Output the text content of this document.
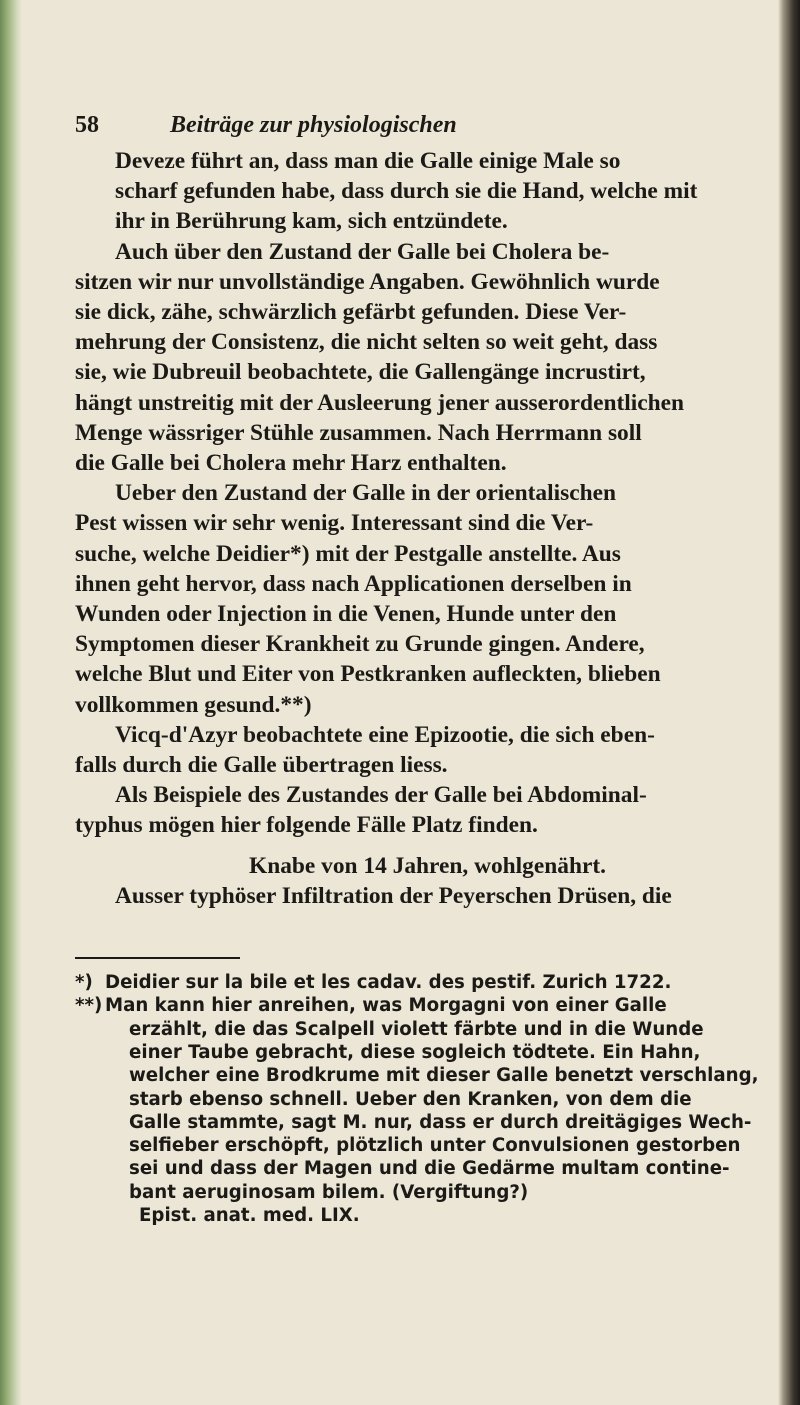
58	Beiträge zur physiologischen

Deveze führt an, dass man die Galle einige Male so
scharf gefunden habe, dass durch sie die Hand, welche mit
ihr in Berührung kam, sich entzündete.

Auch über den Zustand der Galle bei Cholera be-
sitzen wir nur unvollständige Angaben. Gewöhnlich wurde
sie dick, zähe, schwärzlich gefärbt gefunden. Diese Ver-
mehrung der Consistenz, die nicht selten so weit geht, dass
sie, wie Dubreuil beobachtete, die Gallengänge incrustirt,
hängt unstreitig mit der Ausleerung jener ausserordentlichen
Menge wässriger Stühle zusammen. Nach Herrmann soll
die Galle bei Cholera mehr Harz enthalten.

Ueber den Zustand der Galle in der orientalischen
Pest wissen wir sehr wenig. Interessant sind die Ver-
suche, welche Deidier*) mit der Pestgalle anstellte. Aus
ihnen geht hervor, dass nach Applicationen derselben in
Wunden oder Injection in die Venen, Hunde unter den
Symptomen dieser Krankheit zu Grunde gingen. Andere,
welche Blut und Eiter von Pestkranken aufleckten, blieben
vollkommen gesund.**)

Vicq-d'Azyr beobachtete eine Epizootie, die sich eben-
falls durch die Galle übertragen liess.

Als Beispiele des Zustandes der Galle bei Abdominal-
typhus mögen hier folgende Fälle Platz finden.

Knabe von 14 Jahren, wohlgenährt.

Ausser typhöser Infiltration der Peyerschen Drüsen, die

*) Deidier sur la bile et les cadav. des pestif. Zurich 1722.
**) Man kann hier anreihen, was Morgagni von einer Galle
erzählt, die das Scalpell violett färbte und in die Wunde
einer Taube gebracht, diese sogleich tödtete. Ein Hahn,
welcher eine Brodkrume mit dieser Galle benetzt verschlang,
starb ebenso schnell. Ueber den Kranken, von dem die
Galle stammte, sagt M. nur, dass er durch dreitägiges Wech-
selfieber erschöpft, plötzlich unter Convulsionen gestorben
sei und dass der Magen und die Gedärme multam contine-
bant aeruginosam bilem. (Vergiftung?)
Epist. anat. med. LIX.
